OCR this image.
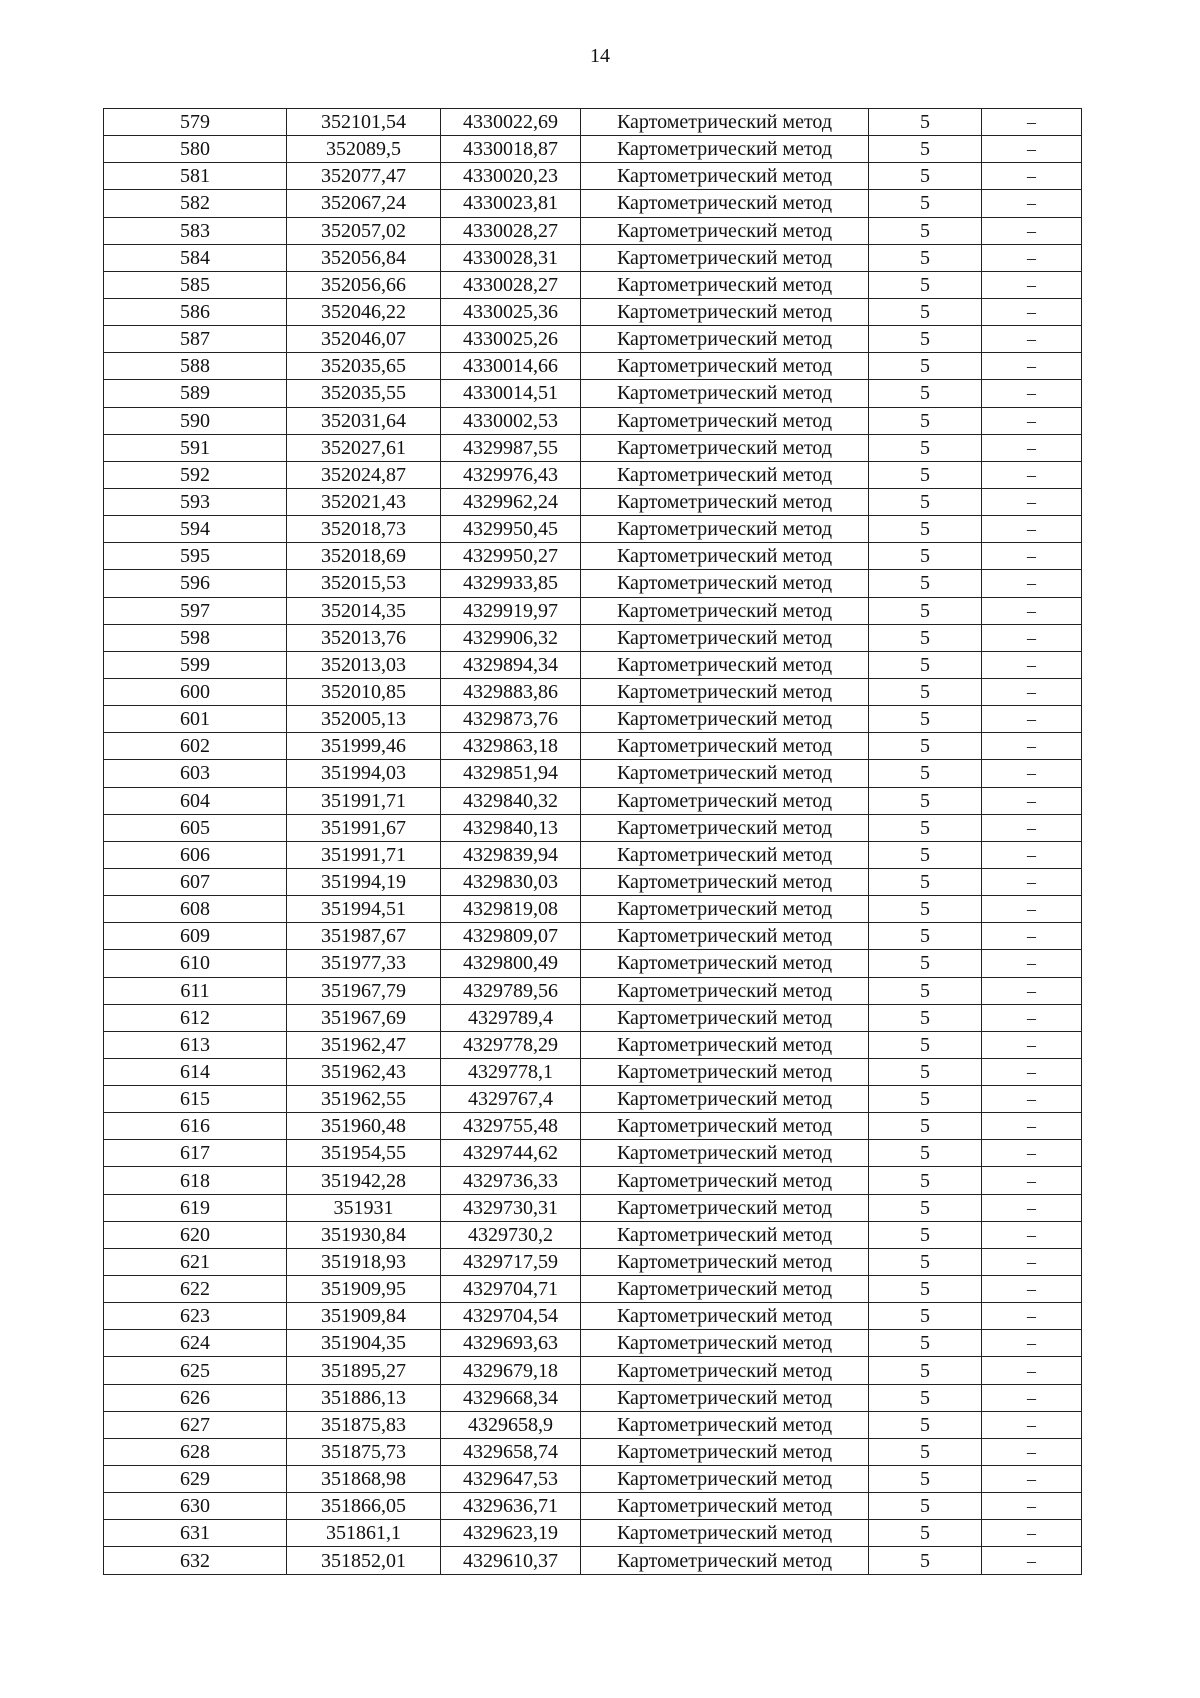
14
579	352101,54	4330022,69	Картометрический метод	5	–
580	352089,5	4330018,87	Картометрический метод	5	–
581	352077,47	4330020,23	Картометрический метод	5	–
582	352067,24	4330023,81	Картометрический метод	5	–
583	352057,02	4330028,27	Картометрический метод	5	–
584	352056,84	4330028,31	Картометрический метод	5	–
585	352056,66	4330028,27	Картометрический метод	5	–
586	352046,22	4330025,36	Картометрический метод	5	–
587	352046,07	4330025,26	Картометрический метод	5	–
588	352035,65	4330014,66	Картометрический метод	5	–
589	352035,55	4330014,51	Картометрический метод	5	–
590	352031,64	4330002,53	Картометрический метод	5	–
591	352027,61	4329987,55	Картометрический метод	5	–
592	352024,87	4329976,43	Картометрический метод	5	–
593	352021,43	4329962,24	Картометрический метод	5	–
594	352018,73	4329950,45	Картометрический метод	5	–
595	352018,69	4329950,27	Картометрический метод	5	–
596	352015,53	4329933,85	Картометрический метод	5	–
597	352014,35	4329919,97	Картометрический метод	5	–
598	352013,76	4329906,32	Картометрический метод	5	–
599	352013,03	4329894,34	Картометрический метод	5	–
600	352010,85	4329883,86	Картометрический метод	5	–
601	352005,13	4329873,76	Картометрический метод	5	–
602	351999,46	4329863,18	Картометрический метод	5	–
603	351994,03	4329851,94	Картометрический метод	5	–
604	351991,71	4329840,32	Картометрический метод	5	–
605	351991,67	4329840,13	Картометрический метод	5	–
606	351991,71	4329839,94	Картометрический метод	5	–
607	351994,19	4329830,03	Картометрический метод	5	–
608	351994,51	4329819,08	Картометрический метод	5	–
609	351987,67	4329809,07	Картометрический метод	5	–
610	351977,33	4329800,49	Картометрический метод	5	–
611	351967,79	4329789,56	Картометрический метод	5	–
612	351967,69	4329789,4	Картометрический метод	5	–
613	351962,47	4329778,29	Картометрический метод	5	–
614	351962,43	4329778,1	Картометрический метод	5	–
615	351962,55	4329767,4	Картометрический метод	5	–
616	351960,48	4329755,48	Картометрический метод	5	–
617	351954,55	4329744,62	Картометрический метод	5	–
618	351942,28	4329736,33	Картометрический метод	5	–
619	351931	4329730,31	Картометрический метод	5	–
620	351930,84	4329730,2	Картометрический метод	5	–
621	351918,93	4329717,59	Картометрический метод	5	–
622	351909,95	4329704,71	Картометрический метод	5	–
623	351909,84	4329704,54	Картометрический метод	5	–
624	351904,35	4329693,63	Картометрический метод	5	–
625	351895,27	4329679,18	Картометрический метод	5	–
626	351886,13	4329668,34	Картометрический метод	5	–
627	351875,83	4329658,9	Картометрический метод	5	–
628	351875,73	4329658,74	Картометрический метод	5	–
629	351868,98	4329647,53	Картометрический метод	5	–
630	351866,05	4329636,71	Картометрический метод	5	–
631	351861,1	4329623,19	Картометрический метод	5	–
632	351852,01	4329610,37	Картометрический метод	5	–
